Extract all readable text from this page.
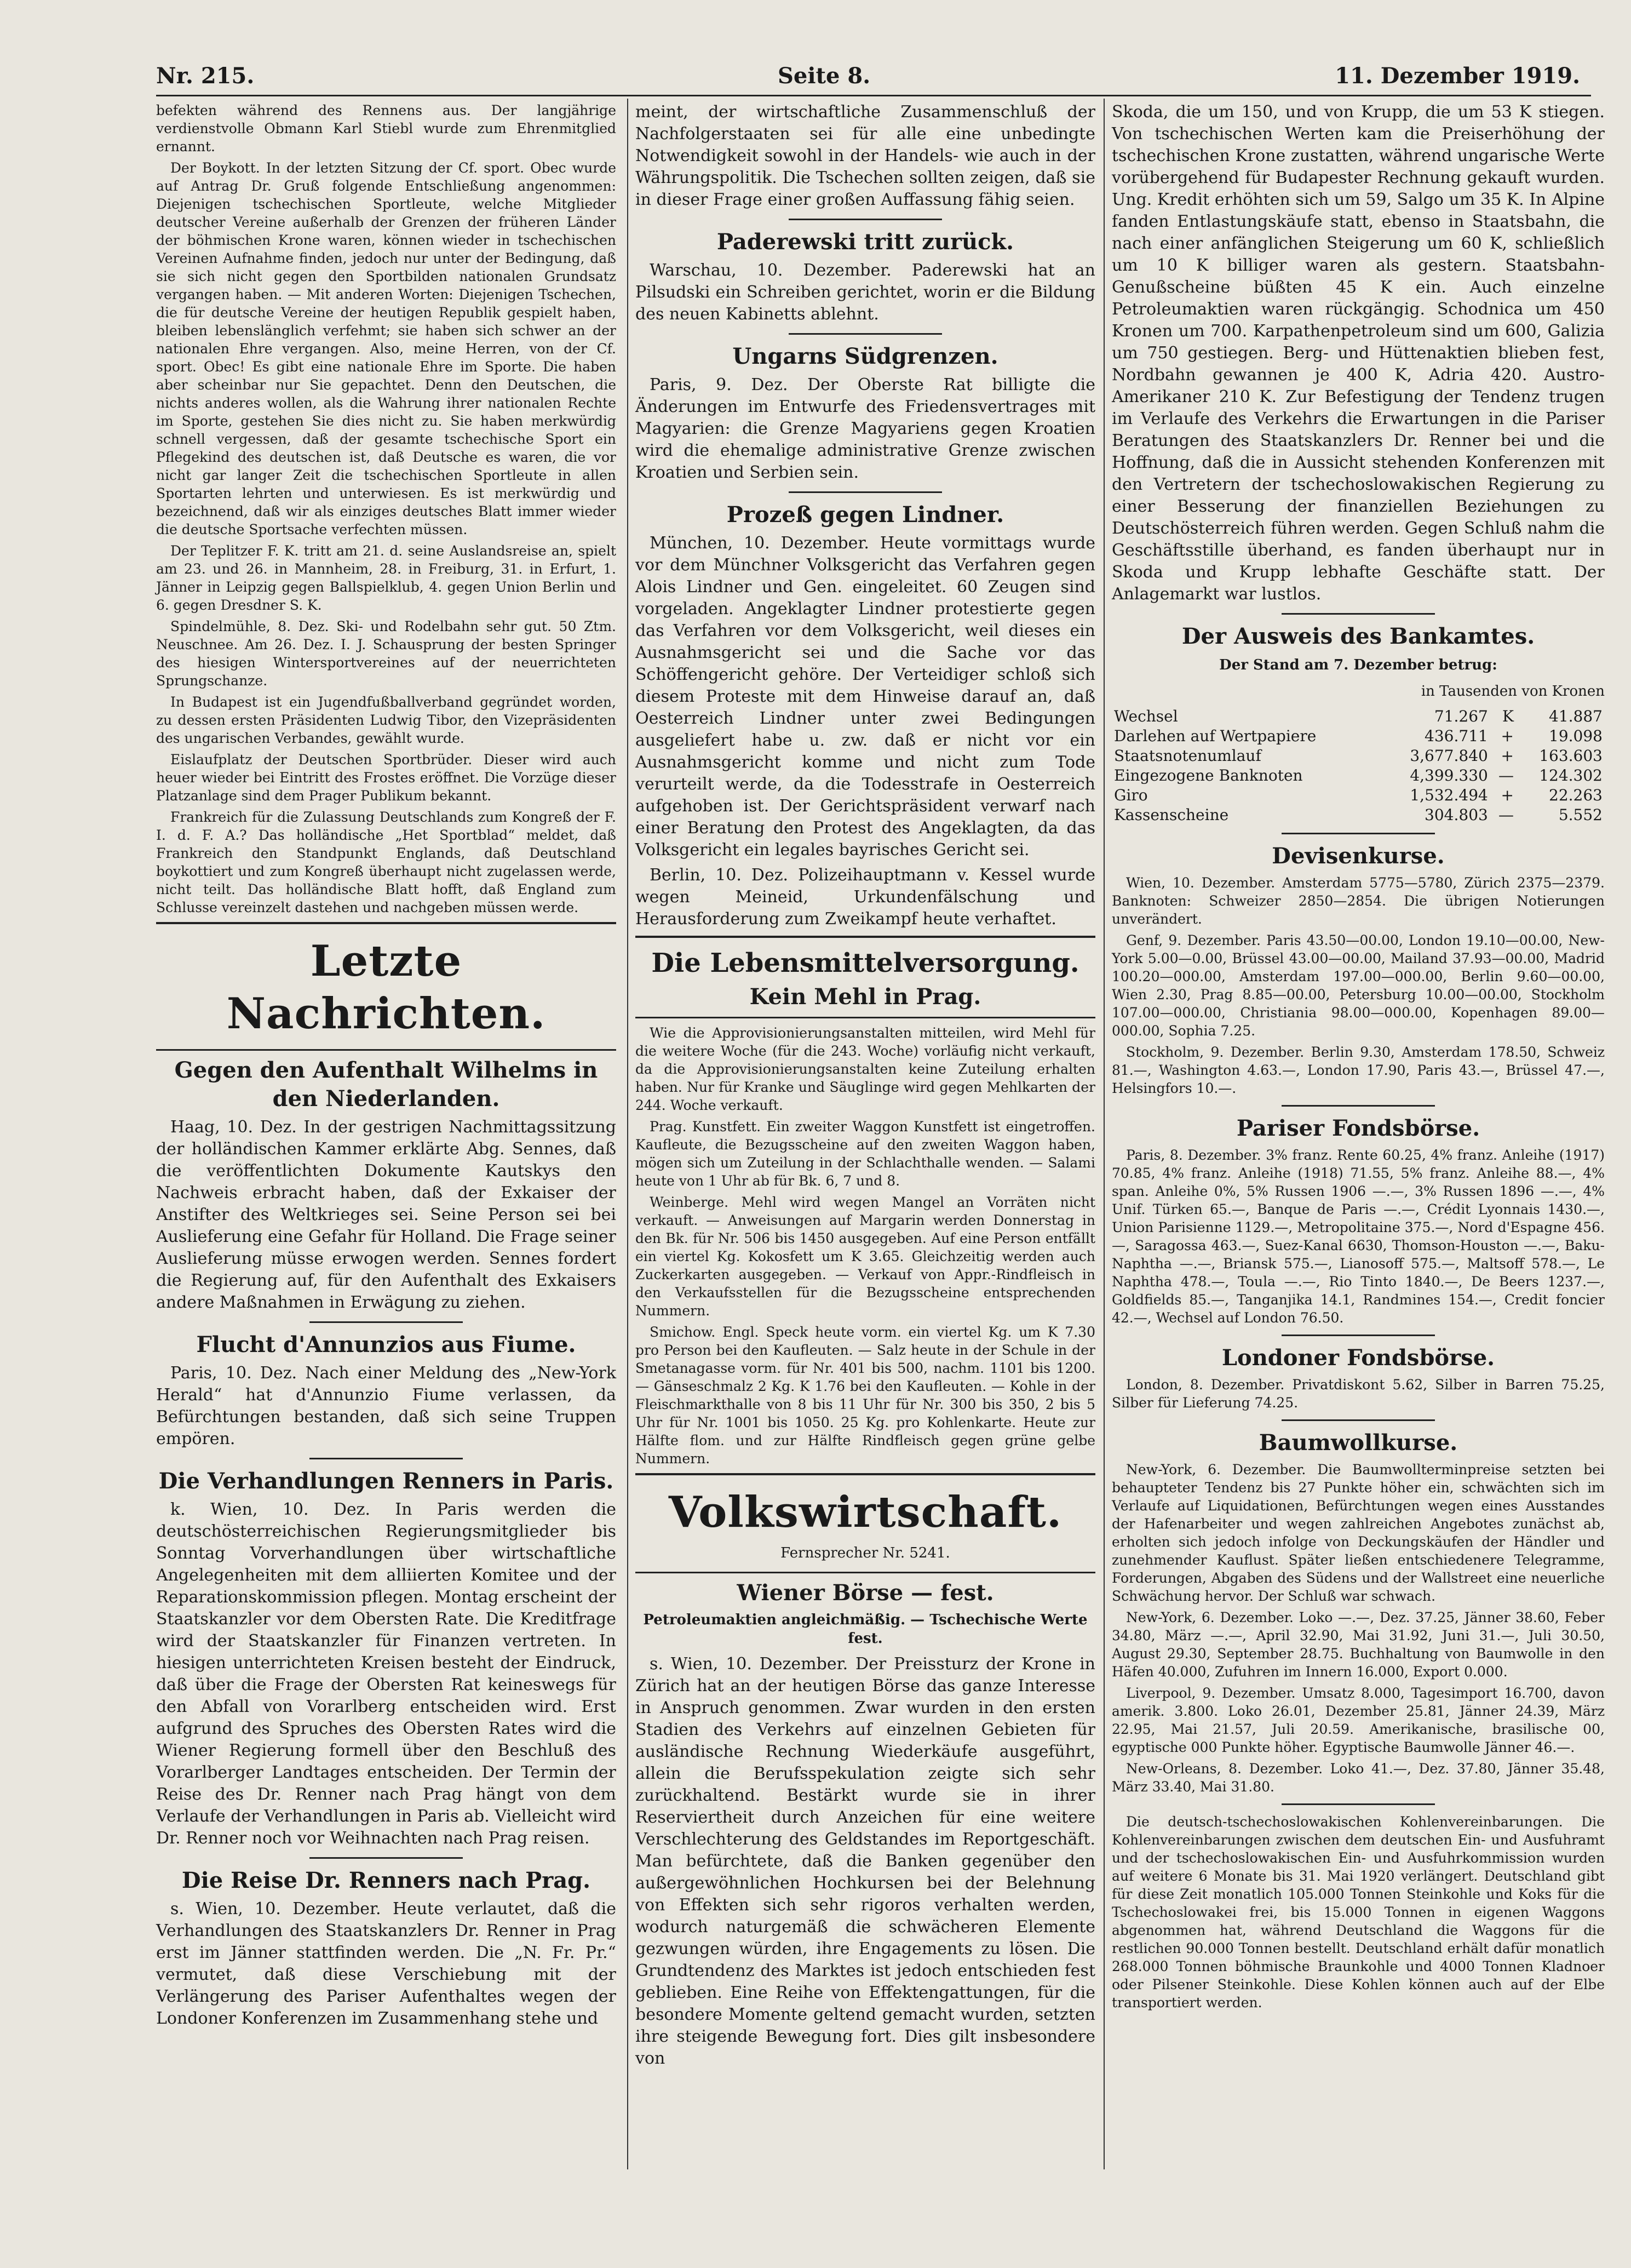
Nr. 215.	Seite 8.	11. Dezember 1919.

befekten während des Rennens aus. Der langjährige verdienstvolle Obmann Karl Stiebl wurde zum Ehrenmitglied ernannt.

Der Boykott. In der letzten Sitzung der Cf. sport. Obec wurde auf Antrag Dr. Gruß folgende Entschließung angenommen: Diejenigen tschechischen Sportleute, welche Mitglieder deutscher Vereine außerhalb der Grenzen der früheren Länder der böhmischen Krone waren, können wieder in tschechischen Vereinen Aufnahme finden, jedoch nur unter der Bedingung, daß sie sich nicht gegen den Sportbilden nationalen Grundsatz vergangen haben. — Mit anderen Worten: Diejenigen Tschechen, die für deutsche Vereine der heutigen Republik gespielt haben, bleiben lebenslänglich verfehmt; sie haben sich schwer an der nationalen Ehre vergangen. Also, meine Herren, von der Cf. sport. Obec! Es gibt eine nationale Ehre im Sporte. Die haben aber scheinbar nur Sie gepachtet. Denn den Deutschen, die nichts anderes wollen, als die Wahrung ihrer nationalen Rechte im Sporte, gestehen Sie dies nicht zu. Sie haben merkwürdig schnell vergessen, daß der gesamte tschechische Sport ein Pflegekind des deutschen ist, daß Deutsche es waren, die vor nicht gar langer Zeit die tschechischen Sportleute in allen Sportarten lehrten und unterwiesen. Es ist merkwürdig und bezeichnend, daß wir als einziges deutsches Blatt immer wieder die deutsche Sportsache verfechten müssen.

Der Teplitzer F. K. tritt am 21. d. seine Auslandsreise an, spielt am 23. und 26. in Mannheim, 28. in Freiburg, 31. in Erfurt, 1. Jänner in Leipzig gegen Ballspielklub, 4. gegen Union Berlin und 6. gegen Dresdner S. K.

Spindelmühle, 8. Dez. Ski- und Rodelbahn sehr gut. 50 Ztm. Neuschnee. Am 26. Dez. I. J. Schausprung der besten Springer des hiesigen Wintersportvereines auf der neuerrichteten Sprungschanze.

In Budapest ist ein Jugendfußballverband gegründet worden, zu dessen ersten Präsidenten Ludwig Tibor, den Vizepräsidenten des ungarischen Verbandes, gewählt wurde.

Eislaufplatz der Deutschen Sportbrüder. Dieser wird auch heuer wieder bei Eintritt des Frostes eröffnet. Die Vorzüge dieser Platzanlage sind dem Prager Publikum bekannt.

Frankreich für die Zulassung Deutschlands zum Kongreß der F. I. d. F. A.? Das holländische „Het Sportblad“ meldet, daß Frankreich den Standpunkt Englands, daß Deutschland boykottiert und zum Kongreß überhaupt nicht zugelassen werde, nicht teilt. Das holländische Blatt hofft, daß England zum Schlusse vereinzelt dastehen und nachgeben müssen werde.

Letzte Nachrichten.
Gegen den Aufenthalt Wilhelms in den Niederlanden.

Haag, 10. Dez. In der gestrigen Nachmittagssitzung der holländischen Kammer erklärte Abg. Sennes, daß die veröffentlichten Dokumente Kautskys den Nachweis erbracht haben, daß der Exkaiser der Anstifter des Weltkrieges sei. Seine Person sei bei Auslieferung eine Gefahr für Holland. Die Frage seiner Auslieferung müsse erwogen werden. Sennes fordert die Regierung auf, für den Aufenthalt des Exkaisers andere Maßnahmen in Erwägung zu ziehen.

Flucht d'Annunzios aus Fiume.

Paris, 10. Dez. Nach einer Meldung des „New-York Herald“ hat d'Annunzio Fiume verlassen, da Befürchtungen bestanden, daß sich seine Truppen empören.

Die Verhandlungen Renners in Paris.

k. Wien, 10. Dez. In Paris werden die deutschösterreichischen Regierungsmitglieder bis Sonntag Vorverhandlungen über wirtschaftliche Angelegenheiten mit dem alliierten Komitee und der Reparationskommission pflegen. Montag erscheint der Staatskanzler vor dem Obersten Rate. Die Kreditfrage wird der Staatskanzler für Finanzen vertreten. In hiesigen unterrichteten Kreisen besteht der Eindruck, daß über die Frage der Obersten Rat keineswegs für den Abfall von Vorarlberg entscheiden wird. Erst aufgrund des Spruches des Obersten Rates wird die Wiener Regierung formell über den Beschluß des Vorarlberger Landtages entscheiden. Der Termin der Reise des Dr. Renner nach Prag hängt von dem Verlaufe der Verhandlungen in Paris ab. Vielleicht wird Dr. Renner noch vor Weihnachten nach Prag reisen.

Die Reise Dr. Renners nach Prag.

s. Wien, 10. Dezember. Heute verlautet, daß die Verhandlungen des Staatskanzlers Dr. Renner in Prag erst im Jänner stattfinden werden. Die „N. Fr. Pr.“ vermutet, daß diese Verschiebung mit der Verlängerung des Pariser Aufenthaltes wegen der Londoner Konferenzen im Zusammenhang stehe und

meint, der wirtschaftliche Zusammenschluß der Nachfolgerstaaten sei für alle eine unbedingte Notwendigkeit sowohl in der Handels- wie auch in der Währungspolitik. Die Tschechen sollten zeigen, daß sie in dieser Frage einer großen Auffassung fähig seien.

Paderewski tritt zurück.

Warschau, 10. Dezember. Paderewski hat an Pilsudski ein Schreiben gerichtet, worin er die Bildung des neuen Kabinetts ablehnt.

Ungarns Südgrenzen.

Paris, 9. Dez. Der Oberste Rat billigte die Änderungen im Entwurfe des Friedensvertrages mit Magyarien: die Grenze Magyariens gegen Kroatien wird die ehemalige administrative Grenze zwischen Kroatien und Serbien sein.

Prozeß gegen Lindner.

München, 10. Dezember. Heute vormittags wurde vor dem Münchner Volksgericht das Verfahren gegen Alois Lindner und Gen. eingeleitet. 60 Zeugen sind vorgeladen. Angeklagter Lindner protestierte gegen das Verfahren vor dem Volksgericht, weil dieses ein Ausnahmsgericht sei und die Sache vor das Schöffengericht gehöre. Der Verteidiger schloß sich diesem Proteste mit dem Hinweise darauf an, daß Oesterreich Lindner unter zwei Bedingungen ausgeliefert habe u. zw. daß er nicht vor ein Ausnahmsgericht komme und nicht zum Tode verurteilt werde, da die Todesstrafe in Oesterreich aufgehoben ist. Der Gerichtspräsident verwarf nach einer Beratung den Protest des Angeklagten, da das Volksgericht ein legales bayrisches Gericht sei.

Berlin, 10. Dez. Polizeihauptmann v. Kessel wurde wegen Meineid, Urkundenfälschung und Herausforderung zum Zweikampf heute verhaftet.

Die Lebensmittelversorgung.
Kein Mehl in Prag.

Wie die Approvisionierungsanstalten mitteilen, wird Mehl für die weitere Woche (für die 243. Woche) vorläufig nicht verkauft, da die Approvisionierungsanstalten keine Zuteilung erhalten haben. Nur für Kranke und Säuglinge wird gegen Mehlkarten der 244. Woche verkauft.

Prag. Kunstfett. Ein zweiter Waggon Kunstfett ist eingetroffen. Kaufleute, die Bezugsscheine auf den zweiten Waggon haben, mögen sich um Zuteilung in der Schlachthalle wenden. — Salami heute von 1 Uhr ab für Bk. 6, 7 und 8.

Weinberge. Mehl wird wegen Mangel an Vorräten nicht verkauft. — Anweisungen auf Margarin werden Donnerstag in den Bk. für Nr. 506 bis 1450 ausgegeben. Auf eine Person entfällt ein viertel Kg. Kokosfett um K 3.65. Gleichzeitig werden auch Zuckerkarten ausgegeben. — Verkauf von Appr.-Rindfleisch in den Verkaufsstellen für die Bezugsscheine entsprechenden Nummern.

Smichow. Engl. Speck heute vorm. ein viertel Kg. um K 7.30 pro Person bei den Kaufleuten. — Salz heute in der Schule in der Smetanagasse vorm. für Nr. 401 bis 500, nachm. 1101 bis 1200. — Gänseschmalz 2 Kg. K 1.76 bei den Kaufleuten. — Kohle in der Fleischmarkthalle von 8 bis 11 Uhr für Nr. 300 bis 350, 2 bis 5 Uhr für Nr. 1001 bis 1050. 25 Kg. pro Kohlenkarte. Heute zur Hälfte flom. und zur Hälfte Rindfleisch gegen grüne gelbe Nummern.

Volkswirtschaft.
Fernsprecher Nr. 5241.
Wiener Börse — fest.
Petroleumaktien angleichmäßig. — Tschechische Werte fest.

s. Wien, 10. Dezember. Der Preissturz der Krone in Zürich hat an der heutigen Börse das ganze Interesse in Anspruch genommen. Zwar wurden in den ersten Stadien des Verkehrs auf einzelnen Gebieten für ausländische Rechnung Wiederkäufe ausgeführt, allein die Berufsspekulation zeigte sich sehr zurückhaltend. Bestärkt wurde sie in ihrer Reserviertheit durch Anzeichen für eine weitere Verschlechterung des Geldstandes im Reportgeschäft. Man befürchtete, daß die Banken gegenüber den außergewöhnlichen Hochkursen bei der Belehnung von Effekten sich sehr rigoros verhalten werden, wodurch naturgemäß die schwächeren Elemente gezwungen würden, ihre Engagements zu lösen. Die Grundtendenz des Marktes ist jedoch entschieden fest geblieben. Eine Reihe von Effektengattungen, für die besondere Momente geltend gemacht wurden, setzten ihre steigende Bewegung fort. Dies gilt insbesondere von

Skoda, die um 150, und von Krupp, die um 53 K stiegen. Von tschechischen Werten kam die Preiserhöhung der tschechischen Krone zustatten, während ungarische Werte vorübergehend für Budapester Rechnung gekauft wurden. Ung. Kredit erhöhten sich um 59, Salgo um 35 K. In Alpine fanden Entlastungskäufe statt, ebenso in Staatsbahn, die nach einer anfänglichen Steigerung um 60 K, schließlich um 10 K billiger waren als gestern. Staatsbahn-Genußscheine büßten 45 K ein. Auch einzelne Petroleumaktien waren rückgängig. Schodnica um 450 Kronen um 700. Karpathenpetroleum sind um 600, Galizia um 750 gestiegen. Berg- und Hüttenaktien blieben fest, Nordbahn gewannen je 400 K, Adria 420. Austro-Amerikaner 210 K. Zur Befestigung der Tendenz trugen im Verlaufe des Verkehrs die Erwartungen in die Pariser Beratungen des Staatskanzlers Dr. Renner bei und die Hoffnung, daß die in Aussicht stehenden Konferenzen mit den Vertretern der tschechoslowakischen Regierung zu einer Besserung der finanziellen Beziehungen zu Deutschösterreich führen werden. Gegen Schluß nahm die Geschäftsstille überhand, es fanden überhaupt nur in Skoda und Krupp lebhafte Geschäfte statt. Der Anlagemarkt war lustlos.

Der Ausweis des Bankamtes.
Der Stand am 7. Dezember betrug:
in Tausenden von Kronen
Wechsel	71.267	K	41.887
Darlehen auf Wertpapiere	436.711	+	19.098
Staatsnotenumlauf	3,677.840	+	163.603
Eingezogene Banknoten	4,399.330	—	124.302
Giro	1,532.494	+	22.263
Kassenscheine	304.803	—	5.552
Devisenkurse.

Wien, 10. Dezember. Amsterdam 5775—5780, Zürich 2375—2379. Banknoten: Schweizer 2850—2854. Die übrigen Notierungen unverändert.

Genf, 9. Dezember. Paris 43.50—00.00, London 19.10—00.00, New-York 5.00—0.00, Brüssel 43.00—00.00, Mailand 37.93—00.00, Madrid 100.20—000.00, Amsterdam 197.00—000.00, Berlin 9.60—00.00, Wien 2.30, Prag 8.85—00.00, Petersburg 10.00—00.00, Stockholm 107.00—000.00, Christiania 98.00—000.00, Kopenhagen 89.00—000.00, Sophia 7.25.

Stockholm, 9. Dezember. Berlin 9.30, Amsterdam 178.50, Schweiz 81.—, Washington 4.63.—, London 17.90, Paris 43.—, Brüssel 47.—, Helsingfors 10.—.

Pariser Fondsbörse.

Paris, 8. Dezember. 3% franz. Rente 60.25, 4% franz. Anleihe (1917) 70.85, 4% franz. Anleihe (1918) 71.55, 5% franz. Anleihe 88.—, 4% span. Anleihe 0%, 5% Russen 1906 —.—, 3% Russen 1896 —.—, 4% Unif. Türken 65.—, Banque de Paris —.—, Crédit Lyonnais 1430.—, Union Parisienne 1129.—, Metropolitaine 375.—, Nord d'Espagne 456.—, Saragossa 463.—, Suez-Kanal 6630, Thomson-Houston —.—, Baku-Naphtha —.—, Briansk 575.—, Lianosoff 575.—, Maltsoff 578.—, Le Naphtha 478.—, Toula —.—, Rio Tinto 1840.—, De Beers 1237.—, Goldfields 85.—, Tanganjika 14.1, Randmines 154.—, Credit foncier 42.—, Wechsel auf London 76.50.

Londoner Fondsbörse.

London, 8. Dezember. Privatdiskont 5.62, Silber in Barren 75.25, Silber für Lieferung 74.25.

Baumwollkurse.

New-York, 6. Dezember. Die Baumwollterminpreise setzten bei behaupteter Tendenz bis 27 Punkte höher ein, schwächten sich im Verlaufe auf Liquidationen, Befürchtungen wegen eines Ausstandes der Hafenarbeiter und wegen zahlreichen Angebotes zunächst ab, erholten sich jedoch infolge von Deckungskäufen der Händler und zunehmender Kauflust. Später ließen entschiedenere Telegramme, Forderungen, Abgaben des Südens und der Wallstreet eine neuerliche Schwächung hervor. Der Schluß war schwach.

New-York, 6. Dezember. Loko —.—, Dez. 37.25, Jänner 38.60, Feber 34.80, März —.—, April 32.90, Mai 31.92, Juni 31.—, Juli 30.50, August 29.30, September 28.75. Buchhaltung von Baumwolle in den Häfen 40.000, Zufuhren im Innern 16.000, Export 0.000.

Liverpool, 9. Dezember. Umsatz 8.000, Tagesimport 16.700, davon amerik. 3.800. Loko 26.01, Dezember 25.81, Jänner 24.39, März 22.95, Mai 21.57, Juli 20.59. Amerikanische, brasilische 00, egyptische 000 Punkte höher. Egyptische Baumwolle Jänner 46.—.

New-Orleans, 8. Dezember. Loko 41.—, Dez. 37.80, Jänner 35.48, März 33.40, Mai 31.80.

Die deutsch-tschechoslowakischen Kohlenvereinbarungen. Die Kohlenvereinbarungen zwischen dem deutschen Ein- und Ausfuhramt und der tschechoslowakischen Ein- und Ausfuhrkommission wurden auf weitere 6 Monate bis 31. Mai 1920 verlängert. Deutschland gibt für diese Zeit monatlich 105.000 Tonnen Steinkohle und Koks für die Tschechoslowakei frei, bis 15.000 Tonnen in eigenen Waggons abgenommen hat, während Deutschland die Waggons für die restlichen 90.000 Tonnen bestellt. Deutschland erhält dafür monatlich 268.000 Tonnen böhmische Braunkohle und 4000 Tonnen Kladnoer oder Pilsener Steinkohle. Diese Kohlen können auch auf der Elbe transportiert werden.
